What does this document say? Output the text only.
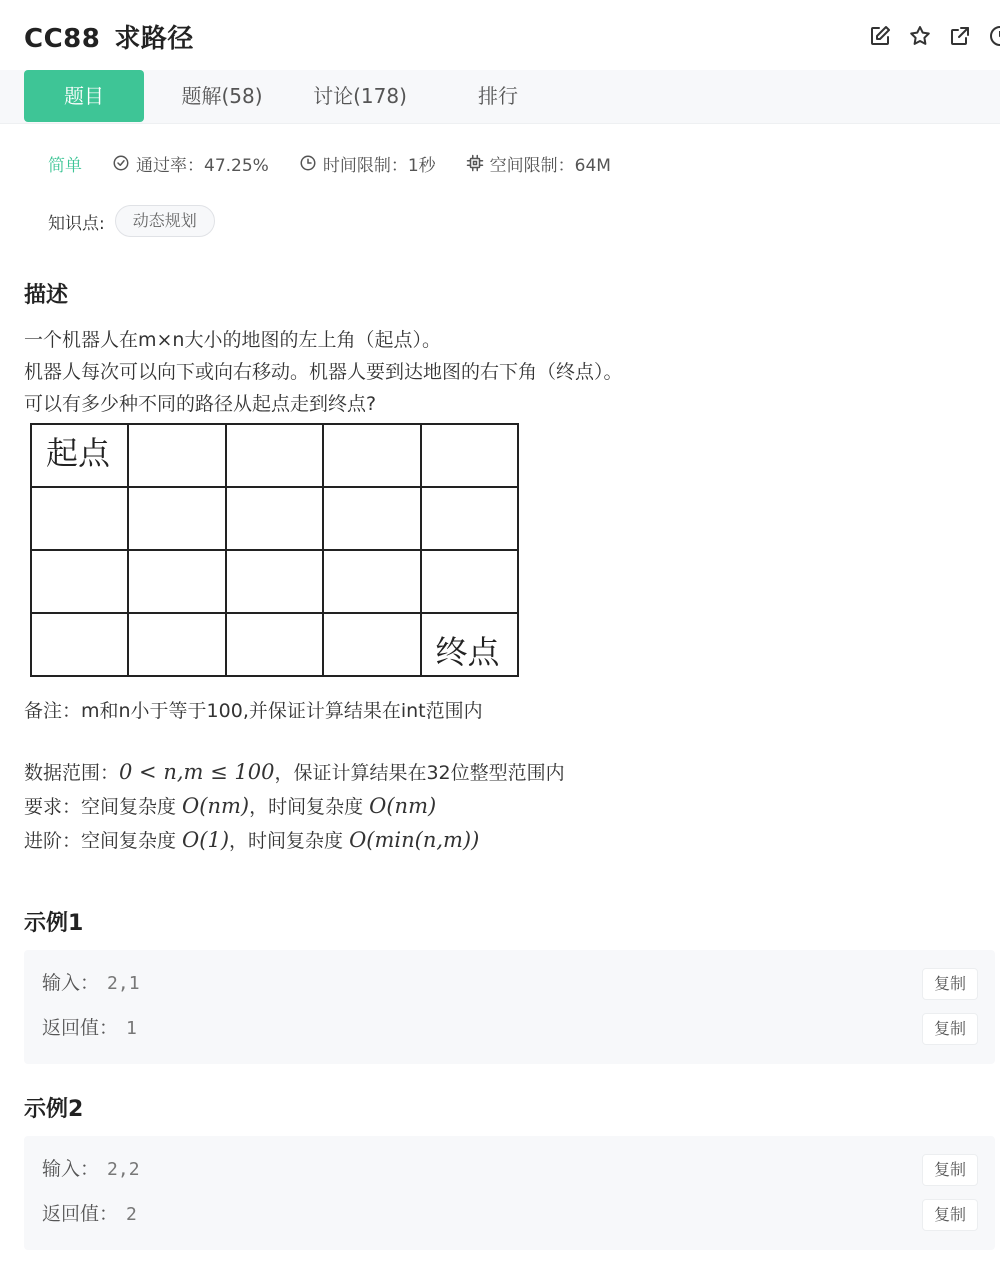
CC88 求路径
题目	题解(58)	讨论(178)	排行
简单	通过率：47.25%	时间限制：1秒	空间限制：64M
知识点:	动态规划
描述
一个机器人在m×n大小的地图的左上角（起点）。
机器人每次可以向下或向右移动。机器人要到达地图的右下角（终点）。
可以有多少种不同的路径从起点走到终点?
起点				

				终点
备注：m和n小于等于100,并保证计算结果在int范围内
数据范围：0 < n,m ≤ 100，保证计算结果在32位整型范围内
要求：空间复杂度 O(nm)，时间复杂度 O(nm)
进阶：空间复杂度 O(1)，时间复杂度 O(min(n,m))
示例1
输入： 2,1	复制
返回值： 1	复制
示例2
输入： 2,2	复制
返回值： 2	复制
